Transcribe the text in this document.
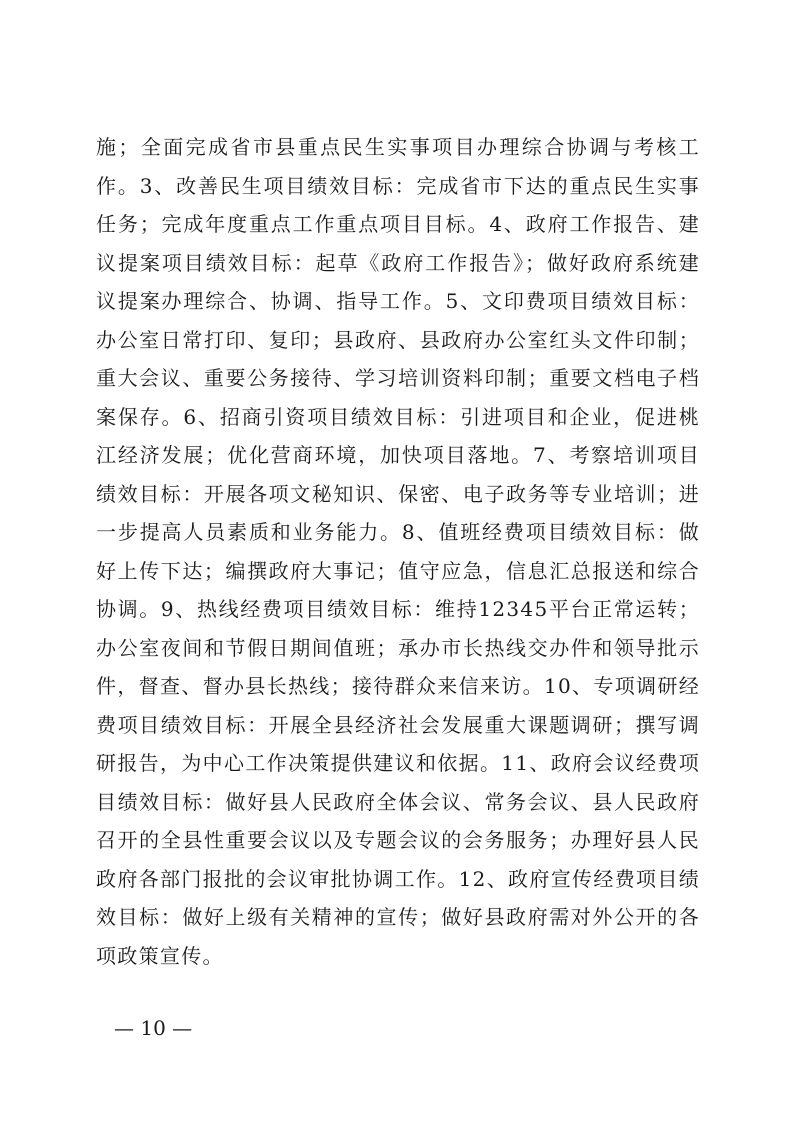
施；全面完成省市县重点民生实事项目办理综合协调与考核工
作。3、改善民生项目绩效目标：完成省市下达的重点民生实事
任务；完成年度重点工作重点项目目标。4、政府工作报告、建
议提案项目绩效目标：起草《政府工作报告》；做好政府系统建
议提案办理综合、协调、指导工作。5、文印费项目绩效目标：
办公室日常打印、复印；县政府、县政府办公室红头文件印制；
重大会议、重要公务接待、学习培训资料印制；重要文档电子档
案保存。6、招商引资项目绩效目标：引进项目和企业，促进桃
江经济发展；优化营商环境，加快项目落地。7、考察培训项目
绩效目标：开展各项文秘知识、保密、电子政务等专业培训；进
一步提高人员素质和业务能力。8、值班经费项目绩效目标：做
好上传下达；编撰政府大事记；值守应急，信息汇总报送和综合
协调。9、热线经费项目绩效目标：维持12345平台正常运转；
办公室夜间和节假日期间值班；承办市长热线交办件和领导批示
件，督查、督办县长热线；接待群众来信来访。10、专项调研经
费项目绩效目标：开展全县经济社会发展重大课题调研；撰写调
研报告，为中心工作决策提供建议和依据。11、政府会议经费项
目绩效目标：做好县人民政府全体会议、常务会议、县人民政府
召开的全县性重要会议以及专题会议的会务服务；办理好县人民
政府各部门报批的会议审批协调工作。12、政府宣传经费项目绩
效目标：做好上级有关精神的宣传；做好县政府需对外公开的各
项政策宣传。
— 10 —
